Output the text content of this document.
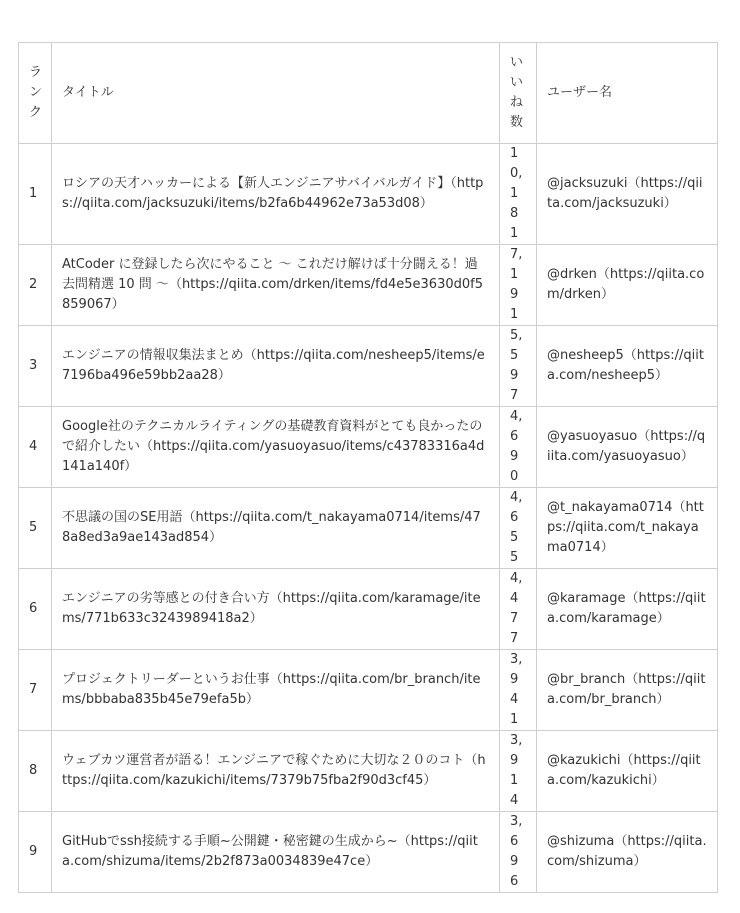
ランク	タイトル	いいね数	ユーザー名
1	ロシアの天才ハッカーによる【新人エンジニアサバイバルガイド】（https://qiita.com/jacksuzuki/items/b2fa6b44962e73a53d08）	10,181	@jacksuzuki（https://qiita.com/jacksuzuki）
2	AtCoder に登録したら次にやること ～ これだけ解けば十分闘える！過去問精選 10 問 ～（https://qiita.com/drken/items/fd4e5e3630d0f5859067）	7,191	@drken（https://qiita.com/drken）
3	エンジニアの情報収集法まとめ（https://qiita.com/nesheep5/items/e7196ba496e59bb2aa28）	5,597	@nesheep5（https://qiita.com/nesheep5）
4	Google社のテクニカルライティングの基礎教育資料がとても良かったので紹介したい（https://qiita.com/yasuoyasuo/items/c43783316a4d141a140f）	4,690	@yasuoyasuo（https://qiita.com/yasuoyasuo）
5	不思議の国のSE用語（https://qiita.com/t_nakayama0714/items/478a8ed3a9ae143ad854）	4,655	@t_nakayama0714（https://qiita.com/t_nakayama0714）
6	エンジニアの劣等感との付き合い方（https://qiita.com/karamage/items/771b633c3243989418a2）	4,477	@karamage（https://qiita.com/karamage）
7	プロジェクトリーダーというお仕事（https://qiita.com/br_branch/items/bbbaba835b45e79efa5b）	3,941	@br_branch（https://qiita.com/br_branch）
8	ウェブカツ運営者が語る！エンジニアで稼ぐために大切な２０のコト（https://qiita.com/kazukichi/items/7379b75fba2f90d3cf45）	3,914	@kazukichi（https://qiita.com/kazukichi）
9	GitHubでssh接続する手順~公開鍵・秘密鍵の生成から~（https://qiita.com/shizuma/items/2b2f873a0034839e47ce）	3,696	@shizuma（https://qiita.com/shizuma）
